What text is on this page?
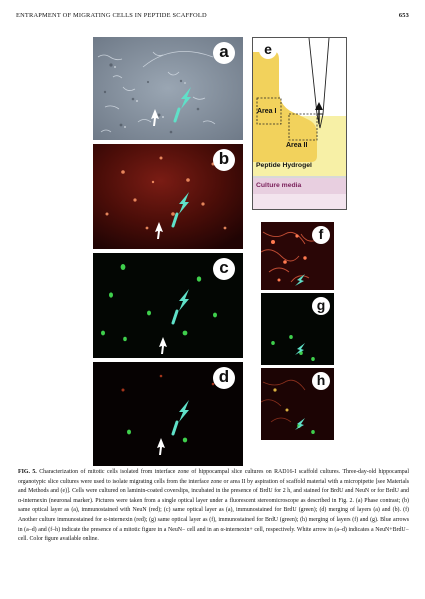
ENTRAPMENT OF MIGRATING CELLS IN PEPTIDE SCAFFOLD	653
a
b
c
d
e
Area I
Area II
Peptide Hydrogel
Culture media
f
g
h
FIG. 5. Characterization of mitotic cells isolated from interface zone of hippocampal slice cultures on RAD16-I scaffold cultures. Three-day-old hippocampal organotypic slice cultures were used to isolate migrating cells from the interface zone or area II by aspiration of scaffold material with a micropipette [see Materials and Methods and (e)]. Cells were cultured on laminin-coated coverslips, incubated in the presence of BrdU for 2 h, and stained for BrdU and NeuN or for BrdU and α-internexin (neuronal marker). Pictures were taken from a single optical layer under a fluorescent stereomicroscope as described in Fig. 2. (a) Phase contrast; (b) same optical layer as (a), immunostained with NeuN (red); (c) same optical layer as (a), immunostained for BrdU (green); (d) merging of layers (a) and (b). (f) Another culture immunostained for α-internexin (red); (g) same optical layer as (f), immunostained for BrdU (green); (h) merging of layers (f) and (g). Blue arrows in (a–d) and (f–h) indicate the presence of a mitotic figure in a NeuN− cell and in an α-internexin+ cell, respectively. White arrow in (a–d) indicates a NeuN+BrdU− cell. Color figure available online.
